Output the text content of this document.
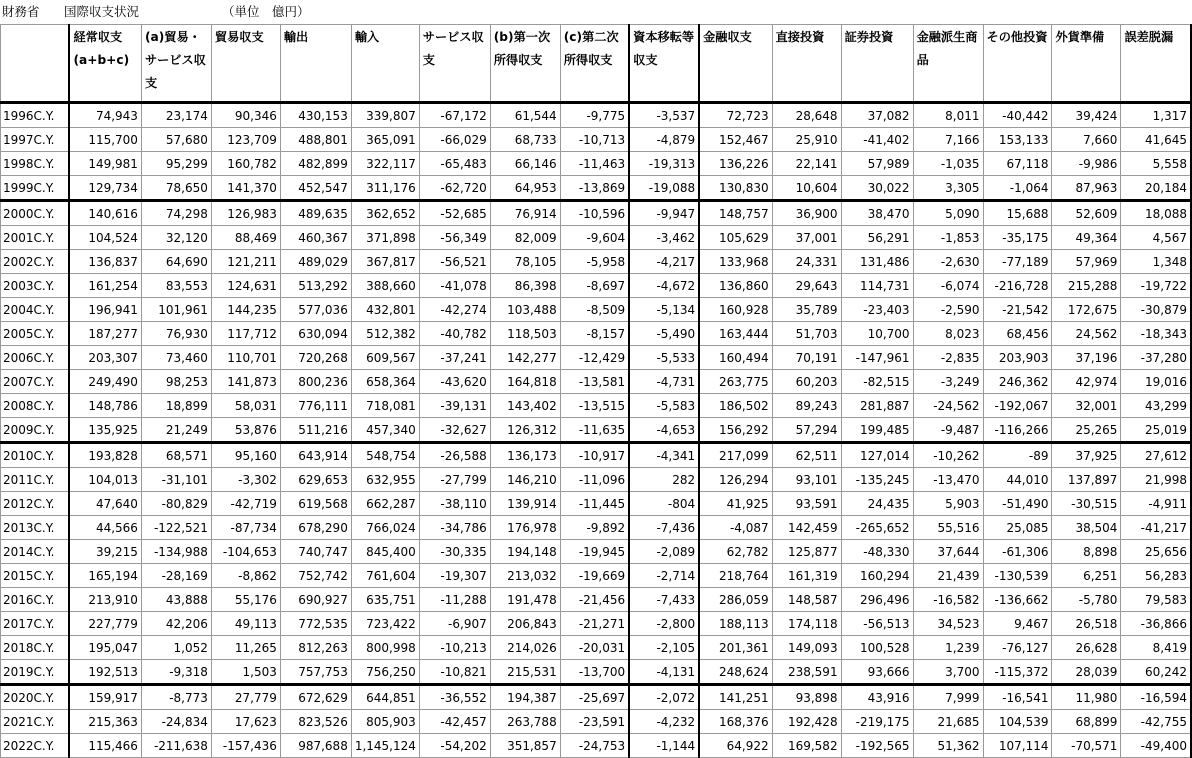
財務省 国際収支状況	（単位　億円）
	経常収支(a+b+c)	(a)貿易・サービス収支	貿易収支	輸出	輸入	サービス収支	(b)第一次所得収支	(c)第二次所得収支	資本移転等収支	金融収支	直接投資	証券投資	金融派生商品	その他投資	外貨準備	誤差脱漏
1996C.Y.	74,943	23,174	90,346	430,153	339,807	-67,172	61,544	-9,775	-3,537	72,723	28,648	37,082	8,011	-40,442	39,424	1,317
1997C.Y.	115,700	57,680	123,709	488,801	365,091	-66,029	68,733	-10,713	-4,879	152,467	25,910	-41,402	7,166	153,133	7,660	41,645
1998C.Y.	149,981	95,299	160,782	482,899	322,117	-65,483	66,146	-11,463	-19,313	136,226	22,141	57,989	-1,035	67,118	-9,986	5,558
1999C.Y.	129,734	78,650	141,370	452,547	311,176	-62,720	64,953	-13,869	-19,088	130,830	10,604	30,022	3,305	-1,064	87,963	20,184
2000C.Y.	140,616	74,298	126,983	489,635	362,652	-52,685	76,914	-10,596	-9,947	148,757	36,900	38,470	5,090	15,688	52,609	18,088
2001C.Y.	104,524	32,120	88,469	460,367	371,898	-56,349	82,009	-9,604	-3,462	105,629	37,001	56,291	-1,853	-35,175	49,364	4,567
2002C.Y.	136,837	64,690	121,211	489,029	367,817	-56,521	78,105	-5,958	-4,217	133,968	24,331	131,486	-2,630	-77,189	57,969	1,348
2003C.Y.	161,254	83,553	124,631	513,292	388,660	-41,078	86,398	-8,697	-4,672	136,860	29,643	114,731	-6,074	-216,728	215,288	-19,722
2004C.Y.	196,941	101,961	144,235	577,036	432,801	-42,274	103,488	-8,509	-5,134	160,928	35,789	-23,403	-2,590	-21,542	172,675	-30,879
2005C.Y.	187,277	76,930	117,712	630,094	512,382	-40,782	118,503	-8,157	-5,490	163,444	51,703	10,700	8,023	68,456	24,562	-18,343
2006C.Y.	203,307	73,460	110,701	720,268	609,567	-37,241	142,277	-12,429	-5,533	160,494	70,191	-147,961	-2,835	203,903	37,196	-37,280
2007C.Y.	249,490	98,253	141,873	800,236	658,364	-43,620	164,818	-13,581	-4,731	263,775	60,203	-82,515	-3,249	246,362	42,974	19,016
2008C.Y.	148,786	18,899	58,031	776,111	718,081	-39,131	143,402	-13,515	-5,583	186,502	89,243	281,887	-24,562	-192,067	32,001	43,299
2009C.Y.	135,925	21,249	53,876	511,216	457,340	-32,627	126,312	-11,635	-4,653	156,292	57,294	199,485	-9,487	-116,266	25,265	25,019
2010C.Y.	193,828	68,571	95,160	643,914	548,754	-26,588	136,173	-10,917	-4,341	217,099	62,511	127,014	-10,262	-89	37,925	27,612
2011C.Y.	104,013	-31,101	-3,302	629,653	632,955	-27,799	146,210	-11,096	282	126,294	93,101	-135,245	-13,470	44,010	137,897	21,998
2012C.Y.	47,640	-80,829	-42,719	619,568	662,287	-38,110	139,914	-11,445	-804	41,925	93,591	24,435	5,903	-51,490	-30,515	-4,911
2013C.Y.	44,566	-122,521	-87,734	678,290	766,024	-34,786	176,978	-9,892	-7,436	-4,087	142,459	-265,652	55,516	25,085	38,504	-41,217
2014C.Y.	39,215	-134,988	-104,653	740,747	845,400	-30,335	194,148	-19,945	-2,089	62,782	125,877	-48,330	37,644	-61,306	8,898	25,656
2015C.Y.	165,194	-28,169	-8,862	752,742	761,604	-19,307	213,032	-19,669	-2,714	218,764	161,319	160,294	21,439	-130,539	6,251	56,283
2016C.Y.	213,910	43,888	55,176	690,927	635,751	-11,288	191,478	-21,456	-7,433	286,059	148,587	296,496	-16,582	-136,662	-5,780	79,583
2017C.Y.	227,779	42,206	49,113	772,535	723,422	-6,907	206,843	-21,271	-2,800	188,113	174,118	-56,513	34,523	9,467	26,518	-36,866
2018C.Y.	195,047	1,052	11,265	812,263	800,998	-10,213	214,026	-20,031	-2,105	201,361	149,093	100,528	1,239	-76,127	26,628	8,419
2019C.Y.	192,513	-9,318	1,503	757,753	756,250	-10,821	215,531	-13,700	-4,131	248,624	238,591	93,666	3,700	-115,372	28,039	60,242
2020C.Y.	159,917	-8,773	27,779	672,629	644,851	-36,552	194,387	-25,697	-2,072	141,251	93,898	43,916	7,999	-16,541	11,980	-16,594
2021C.Y.	215,363	-24,834	17,623	823,526	805,903	-42,457	263,788	-23,591	-4,232	168,376	192,428	-219,175	21,685	104,539	68,899	-42,755
2022C.Y.	115,466	-211,638	-157,436	987,688	1,145,124	-54,202	351,857	-24,753	-1,144	64,922	169,582	-192,565	51,362	107,114	-70,571	-49,400
